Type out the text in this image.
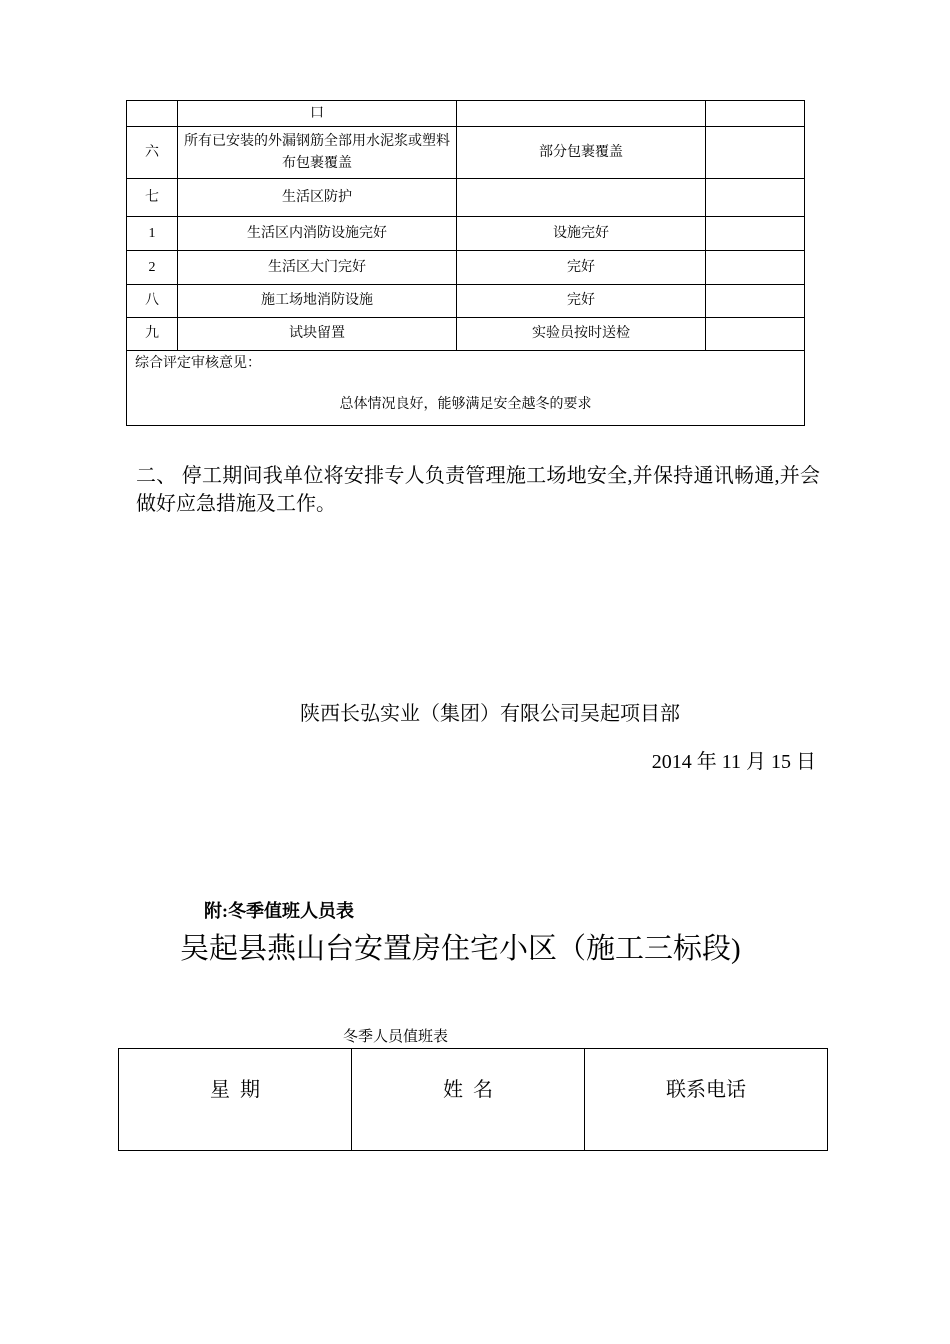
	口		
六	所有已安装的外漏钢筋全部用水泥浆或塑料布包裹覆盖	部分包裹覆盖	
七	生活区防护		
1	生活区内消防设施完好	设施完好	
2	生活区大门完好	完好	
八	施工场地消防设施	完好	
九	试块留置	实验员按时送检	

综合评定审核意见：
总体情况良好，能够满足安全越冬的要求			
二、 停工期间我单位将安排专人负责管理施工场地安全,并保持通讯畅通,并会做好应急措施及工作。
陕西长弘实业（集团）有限公司吴起项目部
2014 年 11 月 15 日
附:冬季值班人员表
吴起县燕山台安置房住宅小区（施工三标段)
冬季人员值班表
星  期	姓  名	联系电话
